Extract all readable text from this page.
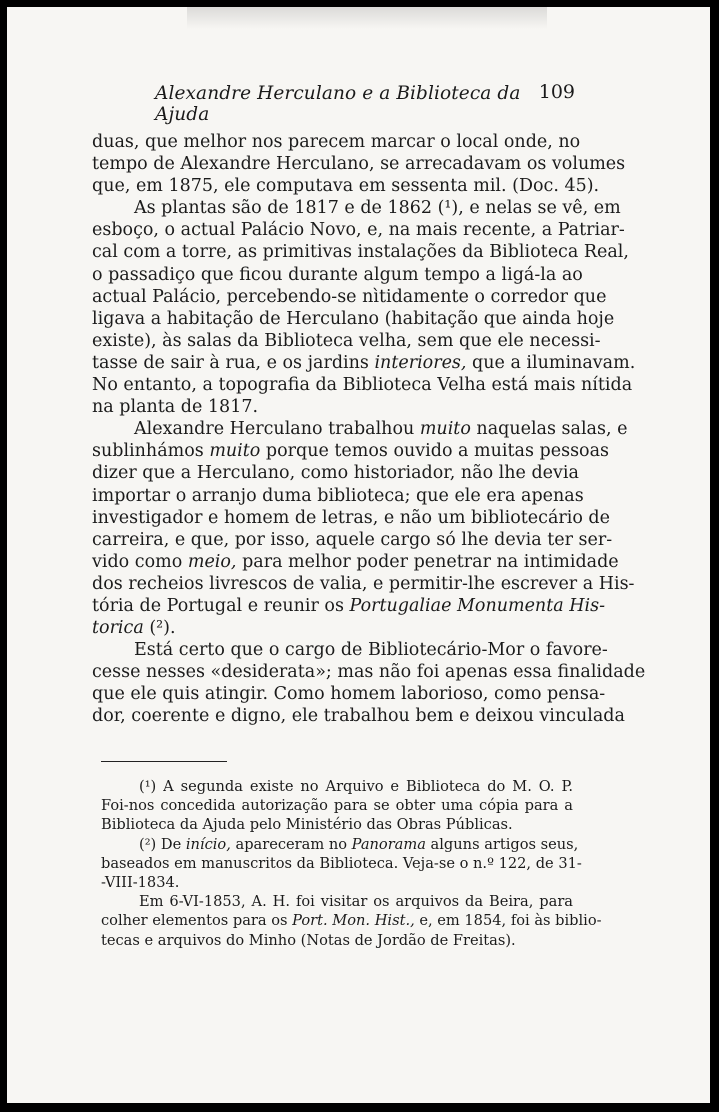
Alexandre Herculano e a Biblioteca da Ajuda
109
duas, que melhor nos parecem marcar o local onde, no
tempo de Alexandre Herculano, se arrecadavam os volumes
que, em 1875, ele computava em sessenta mil. (Doc. 45).
As plantas são de 1817 e de 1862 (¹), e nelas se vê, em
esboço, o actual Palácio Novo, e, na mais recente, a Patriar-
cal com a torre, as primitivas instalações da Biblioteca Real,
o passadiço que ficou durante algum tempo a ligá-la ao
actual Palácio, percebendo-se nìtidamente o corredor que
ligava a habitação de Herculano (habitação que ainda hoje
existe), às salas da Biblioteca velha, sem que ele necessi-
tasse de sair à rua, e os jardins interiores, que a iluminavam.
No entanto, a topografia da Biblioteca Velha está mais nítida
na planta de 1817.
Alexandre Herculano trabalhou muito naquelas salas, e
sublinhámos muito porque temos ouvido a muitas pessoas
dizer que a Herculano, como historiador, não lhe devia
importar o arranjo duma biblioteca; que ele era apenas
investigador e homem de letras, e não um bibliotecário de
carreira, e que, por isso, aquele cargo só lhe devia ter ser-
vido como meio, para melhor poder penetrar na intimidade
dos recheios livrescos de valia, e permitir-lhe escrever a His-
tória de Portugal e reunir os Portugaliae Monumenta His-
torica (²).
Está certo que o cargo de Bibliotecário-Mor o favore-
cesse nesses «desiderata»; mas não foi apenas essa finalidade
que ele quis atingir. Como homem laborioso, como pensa-
dor, coerente e digno, ele trabalhou bem e deixou vinculada
(¹) A segunda existe no Arquivo e Biblioteca do M. O. P.
Foi-nos concedida autorização para se obter uma cópia para a
Biblioteca da Ajuda pelo Ministério das Obras Públicas.
(²) De início, apareceram no Panorama alguns artigos seus,
baseados em manuscritos da Biblioteca. Veja-se o n.º 122, de 31-
-VIII-1834.
Em 6-VI-1853, A. H. foi visitar os arquivos da Beira, para
colher elementos para os Port. Mon. Hist., e, em 1854, foi às biblio-
tecas e arquivos do Minho (Notas de Jordão de Freitas).
